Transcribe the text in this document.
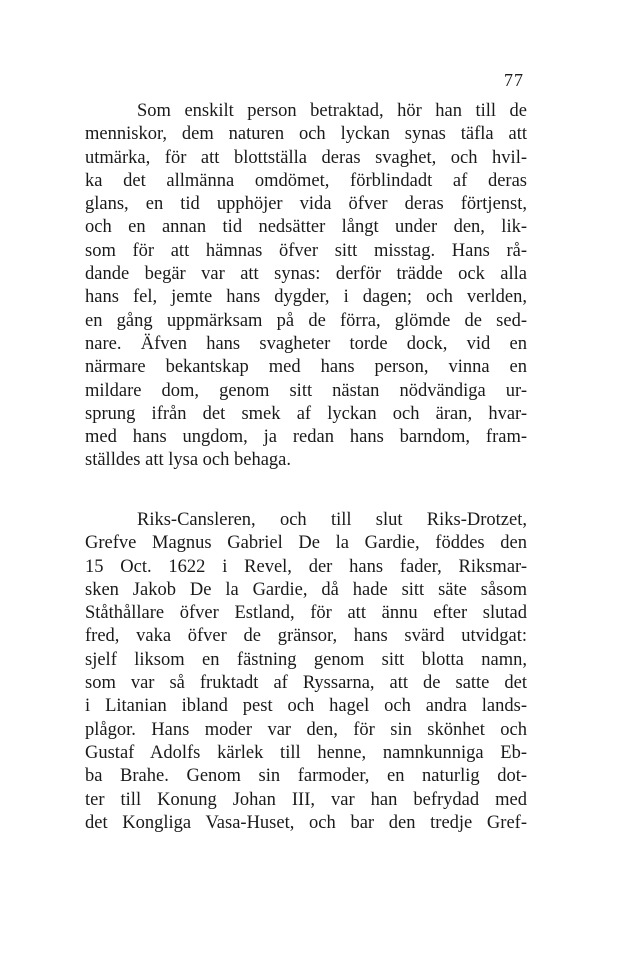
77
Som enskilt person betraktad, hör han till de
menniskor, dem naturen och lyckan synas täfla att
utmärka, för att blottställa deras svaghet, och hvil-
ka det allmänna omdömet, förblindadt af deras
glans, en tid upphöjer vida öfver deras förtjenst,
och en annan tid nedsätter långt under den, lik-
som för att hämnas öfver sitt misstag. Hans rå-
dande begär var att synas: derför trädde ock alla
hans fel, jemte hans dygder, i dagen; och verlden,
en gång uppmärksam på de förra, glömde de sed-
nare. Äfven hans svagheter torde dock, vid en
närmare bekantskap med hans person, vinna en
mildare dom, genom sitt nästan nödvändiga ur-
sprung ifrån det smek af lyckan och äran, hvar-
med hans ungdom, ja redan hans barndom, fram-
ställdes att lysa och behaga.
Riks-Cansleren, och till slut Riks-Drotzet,
Grefve Magnus Gabriel De la Gardie, föddes den
15 Oct. 1622 i Revel, der hans fader, Riksmar-
sken Jakob De la Gardie, då hade sitt säte såsom
Ståthållare öfver Estland, för att ännu efter slutad
fred, vaka öfver de gränsor, hans svärd utvidgat:
sjelf liksom en fästning genom sitt blotta namn,
som var så fruktadt af Ryssarna, att de satte det
i Litanian ibland pest och hagel och andra lands-
plågor. Hans moder var den, för sin skönhet och
Gustaf Adolfs kärlek till henne, namnkunniga Eb-
ba Brahe. Genom sin farmoder, en naturlig dot-
ter till Konung Johan III, var han befrydad med
det Kongliga Vasa-Huset, och bar den tredje Gref-
